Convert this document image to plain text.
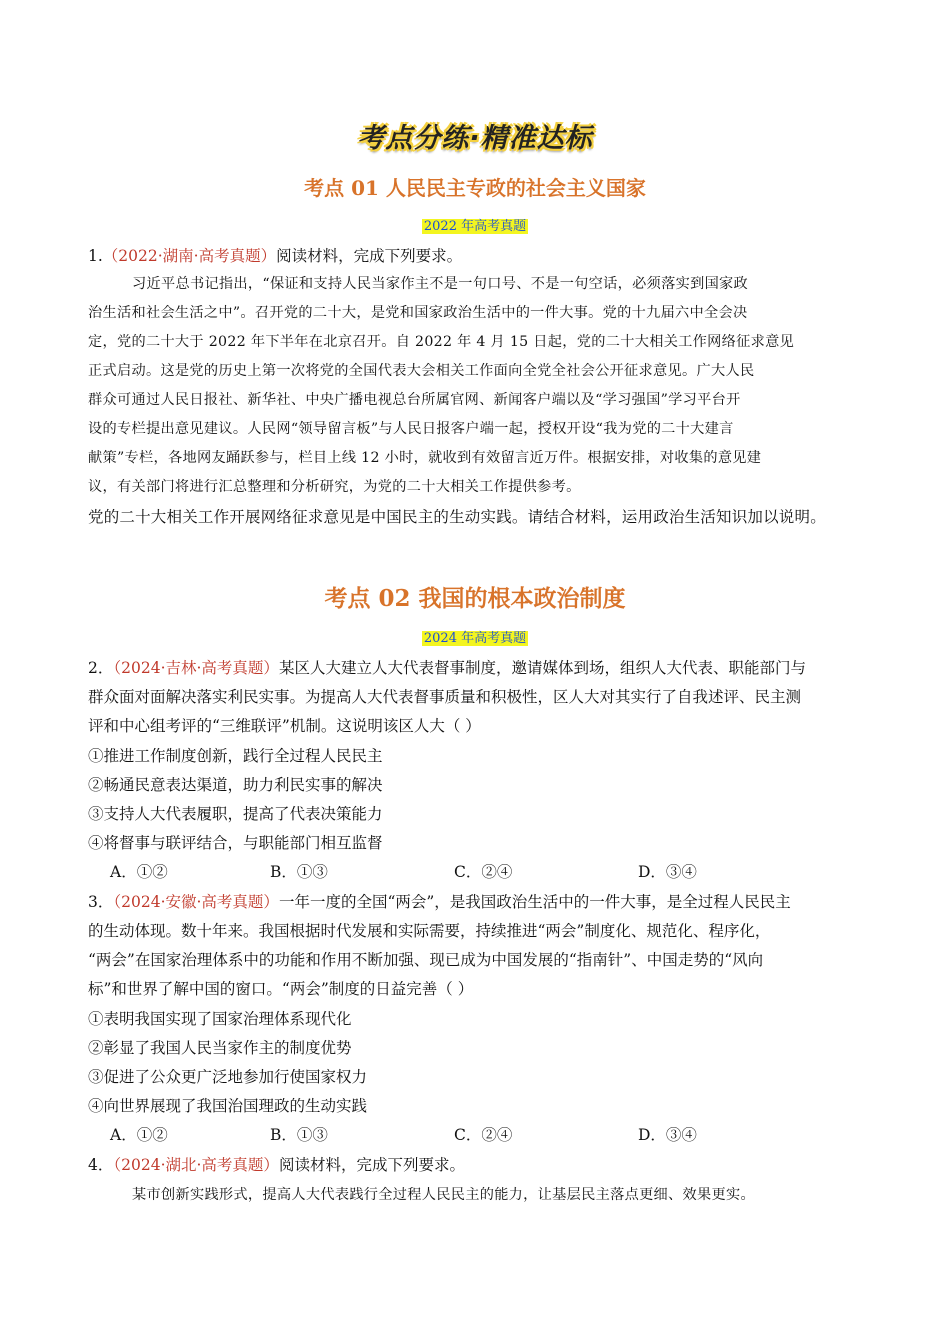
考点分练·精准达标
考点 01 人民民主专政的社会主义国家
2022 年高考真题
1.（2022·湖南·高考真题）阅读材料，完成下列要求。
习近平总书记指出，“保证和支持人民当家作主不是一句口号、不是一句空话，必须落实到国家政
治生活和社会生活之中”。召开党的二十大，是党和国家政治生活中的一件大事。党的十九届六中全会决
定，党的二十大于 2022 年下半年在北京召开。自 2022 年 4 月 15 日起，党的二十大相关工作网络征求意见
正式启动。这是党的历史上第一次将党的全国代表大会相关工作面向全党全社会公开征求意见。广大人民
群众可通过人民日报社、新华社、中央广播电视总台所属官网、新闻客户端以及“学习强国”学习平台开
设的专栏提出意见建议。人民网“领导留言板”与人民日报客户端一起，授权开设“我为党的二十大建言
献策”专栏，各地网友踊跃参与，栏目上线 12 小时，就收到有效留言近万件。根据安排，对收集的意见建
议，有关部门将进行汇总整理和分析研究，为党的二十大相关工作提供参考。
党的二十大相关工作开展网络征求意见是中国民主的生动实践。请结合材料，运用政治生活知识加以说明。
考点 02 我国的根本政治制度
2024 年高考真题
2．（2024·吉林·高考真题）某区人大建立人大代表督事制度，邀请媒体到场，组织人大代表、职能部门与
群众面对面解决落实利民实事。为提高人大代表督事质量和积极性，区人大对其实行了自我述评、民主测
评和中心组考评的“三维联评”机制。这说明该区人大（ ）
①推进工作制度创新，践行全过程人民民主
②畅通民意表达渠道，助力利民实事的解决
③支持人大代表履职，提高了代表决策能力
④将督事与联评结合，与职能部门相互监督
A．①②	B．①③	C．②④	D．③④
3．（2024·安徽·高考真题）一年一度的全国“两会”，是我国政治生活中的一件大事，是全过程人民民主
的生动体现。数十年来。我国根据时代发展和实际需要，持续推进“两会”制度化、规范化、程序化，
“两会”在国家治理体系中的功能和作用不断加强、现已成为中国发展的“指南针”、中国走势的“风向
标”和世界了解中国的窗口。“两会”制度的日益完善（ ）
①表明我国实现了国家治理体系现代化
②彰显了我国人民当家作主的制度优势
③促进了公众更广泛地参加行使国家权力
④向世界展现了我国治国理政的生动实践
A．①②	B．①③	C．②④	D．③④
4．（2024·湖北·高考真题）阅读材料，完成下列要求。
某市创新实践形式，提高人大代表践行全过程人民民主的能力，让基层民主落点更细、效果更实。
